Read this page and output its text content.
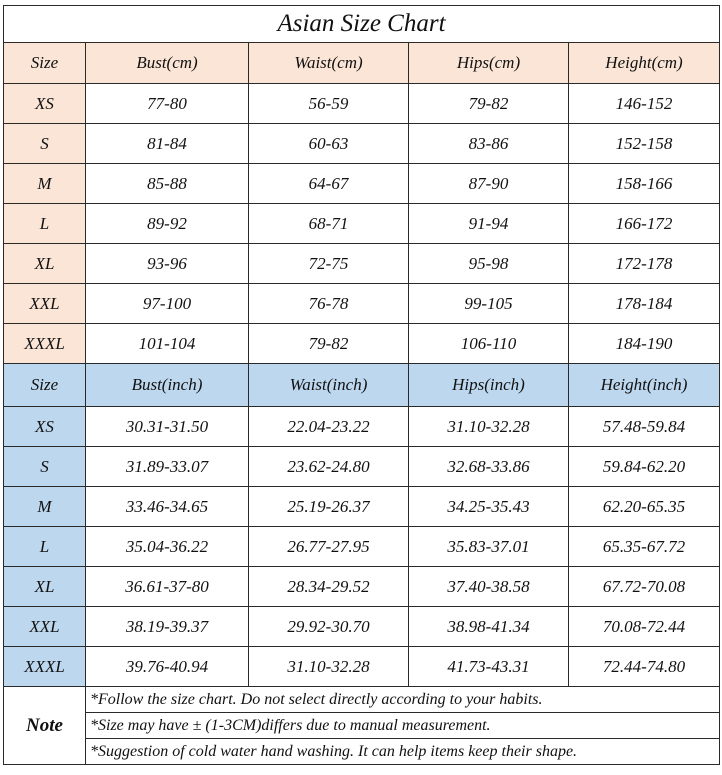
Asian Size Chart				
Size	Bust(cm)	Waist(cm)	Hips(cm)	Height(cm)
XS	77-80	56-59	79-82	146-152
S	81-84	60-63	83-86	152-158
M	85-88	64-67	87-90	158-166
L	89-92	68-71	91-94	166-172
XL	93-96	72-75	95-98	172-178
XXL	97-100	76-78	99-105	178-184
XXXL	101-104	79-82	106-110	184-190
Size	Bust(inch)	Waist(inch)	Hips(inch)	Height(inch)
XS	30.31-31.50	22.04-23.22	31.10-32.28	57.48-59.84
S	31.89-33.07	23.62-24.80	32.68-33.86	59.84-62.20
M	33.46-34.65	25.19-26.37	34.25-35.43	62.20-65.35
L	35.04-36.22	26.77-27.95	35.83-37.01	65.35-67.72
XL	36.61-37-80	28.34-29.52	37.40-38.58	67.72-70.08
XXL	38.19-39.37	29.92-30.70	38.98-41.34	70.08-72.44
XXXL	39.76-40.94	31.10-32.28	41.73-43.31	72.44-74.80
Note	*Follow the size chart. Do not select directly according to your habits.			
	*Size may have ± (1-3CM)differs due to manual measurement.			
	*Suggestion of cold water hand washing. It can help items keep their shape.			
